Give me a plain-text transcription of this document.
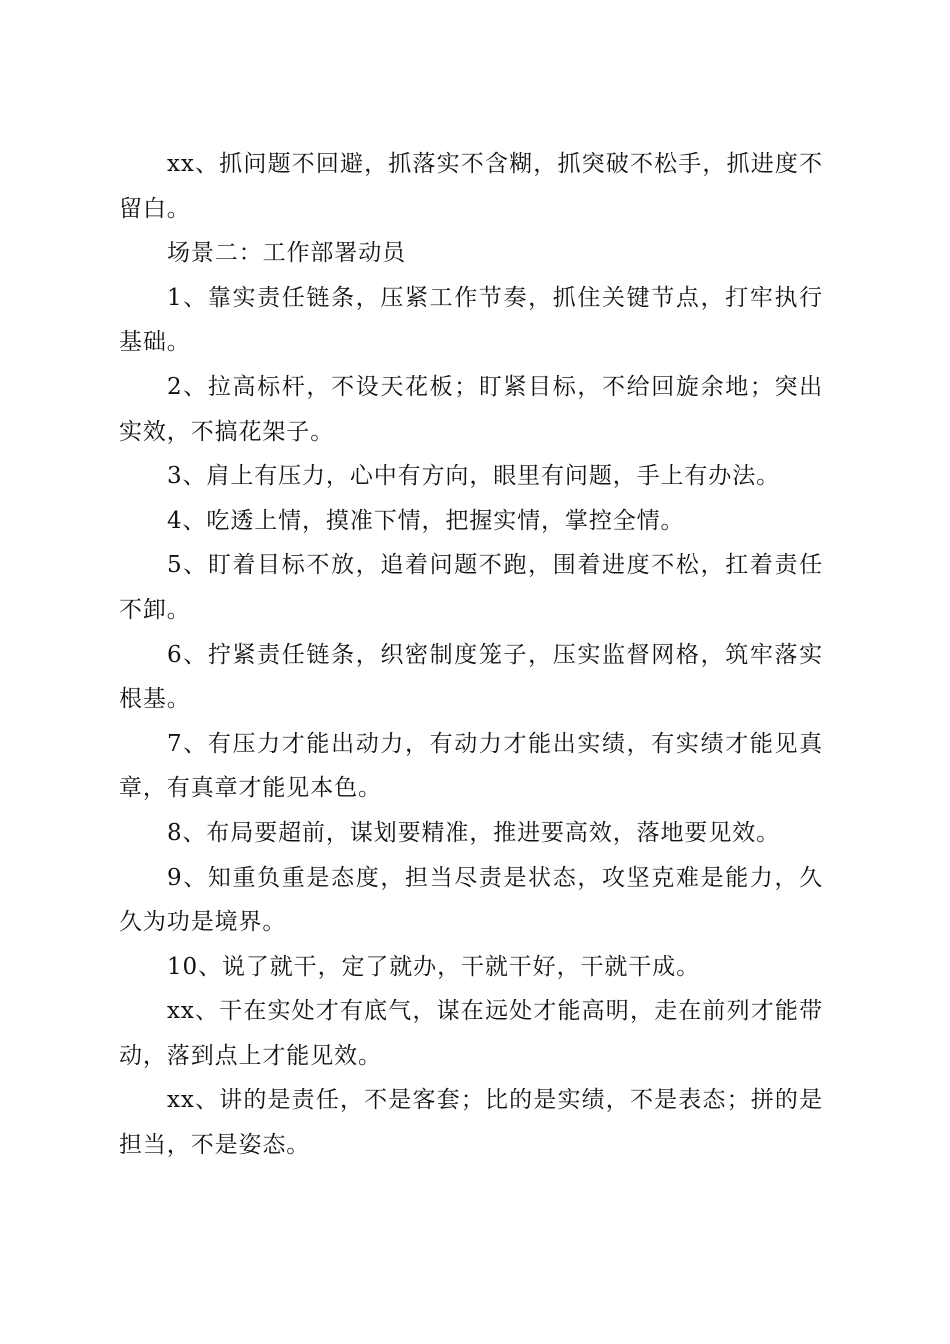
xx、抓问题不回避，抓落实不含糊，抓突破不松手，抓进度不留白。

场景二：工作部署动员

1、靠实责任链条，压紧工作节奏，抓住关键节点，打牢执行基础。

2、拉高标杆，不设天花板；盯紧目标，不给回旋余地；突出实效，不搞花架子。

3、肩上有压力，心中有方向，眼里有问题，手上有办法。

4、吃透上情，摸准下情，把握实情，掌控全情。

5、盯着目标不放，追着问题不跑，围着进度不松，扛着责任不卸。

6、拧紧责任链条，织密制度笼子，压实监督网格，筑牢落实根基。

7、有压力才能出动力，有动力才能出实绩，有实绩才能见真章，有真章才能见本色。

8、布局要超前，谋划要精准，推进要高效，落地要见效。

9、知重负重是态度，担当尽责是状态，攻坚克难是能力，久久为功是境界。

10、说了就干，定了就办，干就干好，干就干成。

xx、干在实处才有底气，谋在远处才能高明，走在前列才能带动，落到点上才能见效。

xx、讲的是责任，不是客套；比的是实绩，不是表态；拼的是担当，不是姿态。
